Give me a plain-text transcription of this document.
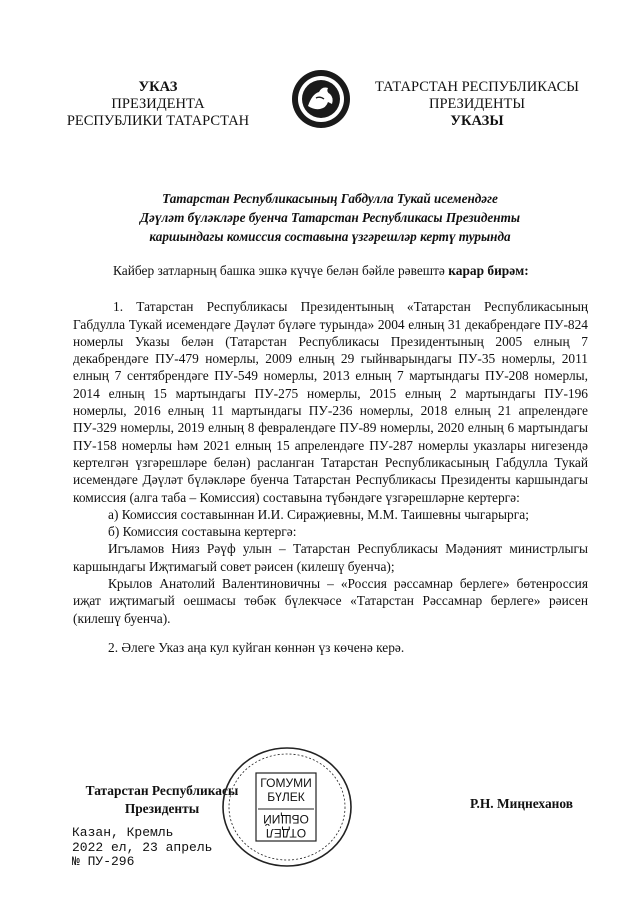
УКАЗ
ПРЕЗИДЕНТА
РЕСПУБЛИКИ ТАТАРСТАН
ТАТАРСТАН РЕСПУБЛИКАСЫ
ПРЕЗИДЕНТЫ
УКАЗЫ
Татарстан Республикасының Габдулла Тукай исемендәге
Дәүләт бүләкләре буенча Татарстан Республикасы Президенты
каршындагы комиссия составына үзгәрешләр кертү турында

Кайбер затларның башка эшкә күчүе белән бәйле рәвештә карар бирәм:

1. Татарстан Республикасы Президентының «Татарстан Республикасының Габдулла Тукай исемендәге Дәүләт бүләге турында» 2004 елның 31 декабрендәге ПУ-824 номерлы Указы белән (Татарстан Республикасы Президентының 2005 елның 7 декабрендәге ПУ-479 номерлы, 2009 елның 29 гыйнварындагы ПУ-35 номерлы, 2011 елның 7 сентябрендәге ПУ-549 номерлы, 2013 елның 7 мартындагы ПУ-208 номерлы, 2014 елның 15 мартындагы ПУ-275 номерлы, 2015 елның 2 мартындагы ПУ-196 номерлы, 2016 елның 11 мартындагы ПУ-236 номерлы, 2018 елның 21 апрелендәге ПУ-329 номерлы, 2019 елның 8 февралендәге ПУ-89 номерлы, 2020 елның 6 мартындагы ПУ-158 номерлы һәм 2021 елның 15 апрелендәге ПУ-287 номерлы указлары нигезендә кертелгән үзгәрешләре белән) расланган Татарстан Республикасының Габдулла Тукай исемендәге Дәүләт бүләкләре буенча Татарстан Республикасы Президенты каршындагы комиссия (алга таба – Комиссия) составына түбәндәге үзгәрешләрне кертергә:

а) Комиссия составыннан И.И. Сираҗиевны, М.М. Таишевны чыгарырга;

б) Комиссия составына кертергә:

Игъламов Нияз Рәүф улын – Татарстан Республикасы Мәдәният министрлыгы каршындагы Иҗтимагый совет рәисен (килешү буенча);

Крылов Анатолий Валентиновичны – «Россия рәссамнар берлеге» бөтенроссия иҗат иҗтимагый оешмасы төбәк бүлекчәсе «Татарстан Рәссамнар берлеге» рәисен (килешү буенча).

2. Әлеге Указ аңа кул куйган көннән үз көченә керә.

Татарстан Республикасы
Президенты	Р.Н. Миңнеханов
Казан, Кремль
2022 ел, 23 апрель
№ ПУ-296
ГОМУМИ
БҮЛЕК
ОТДЕЛ
ОБЩИЙ
